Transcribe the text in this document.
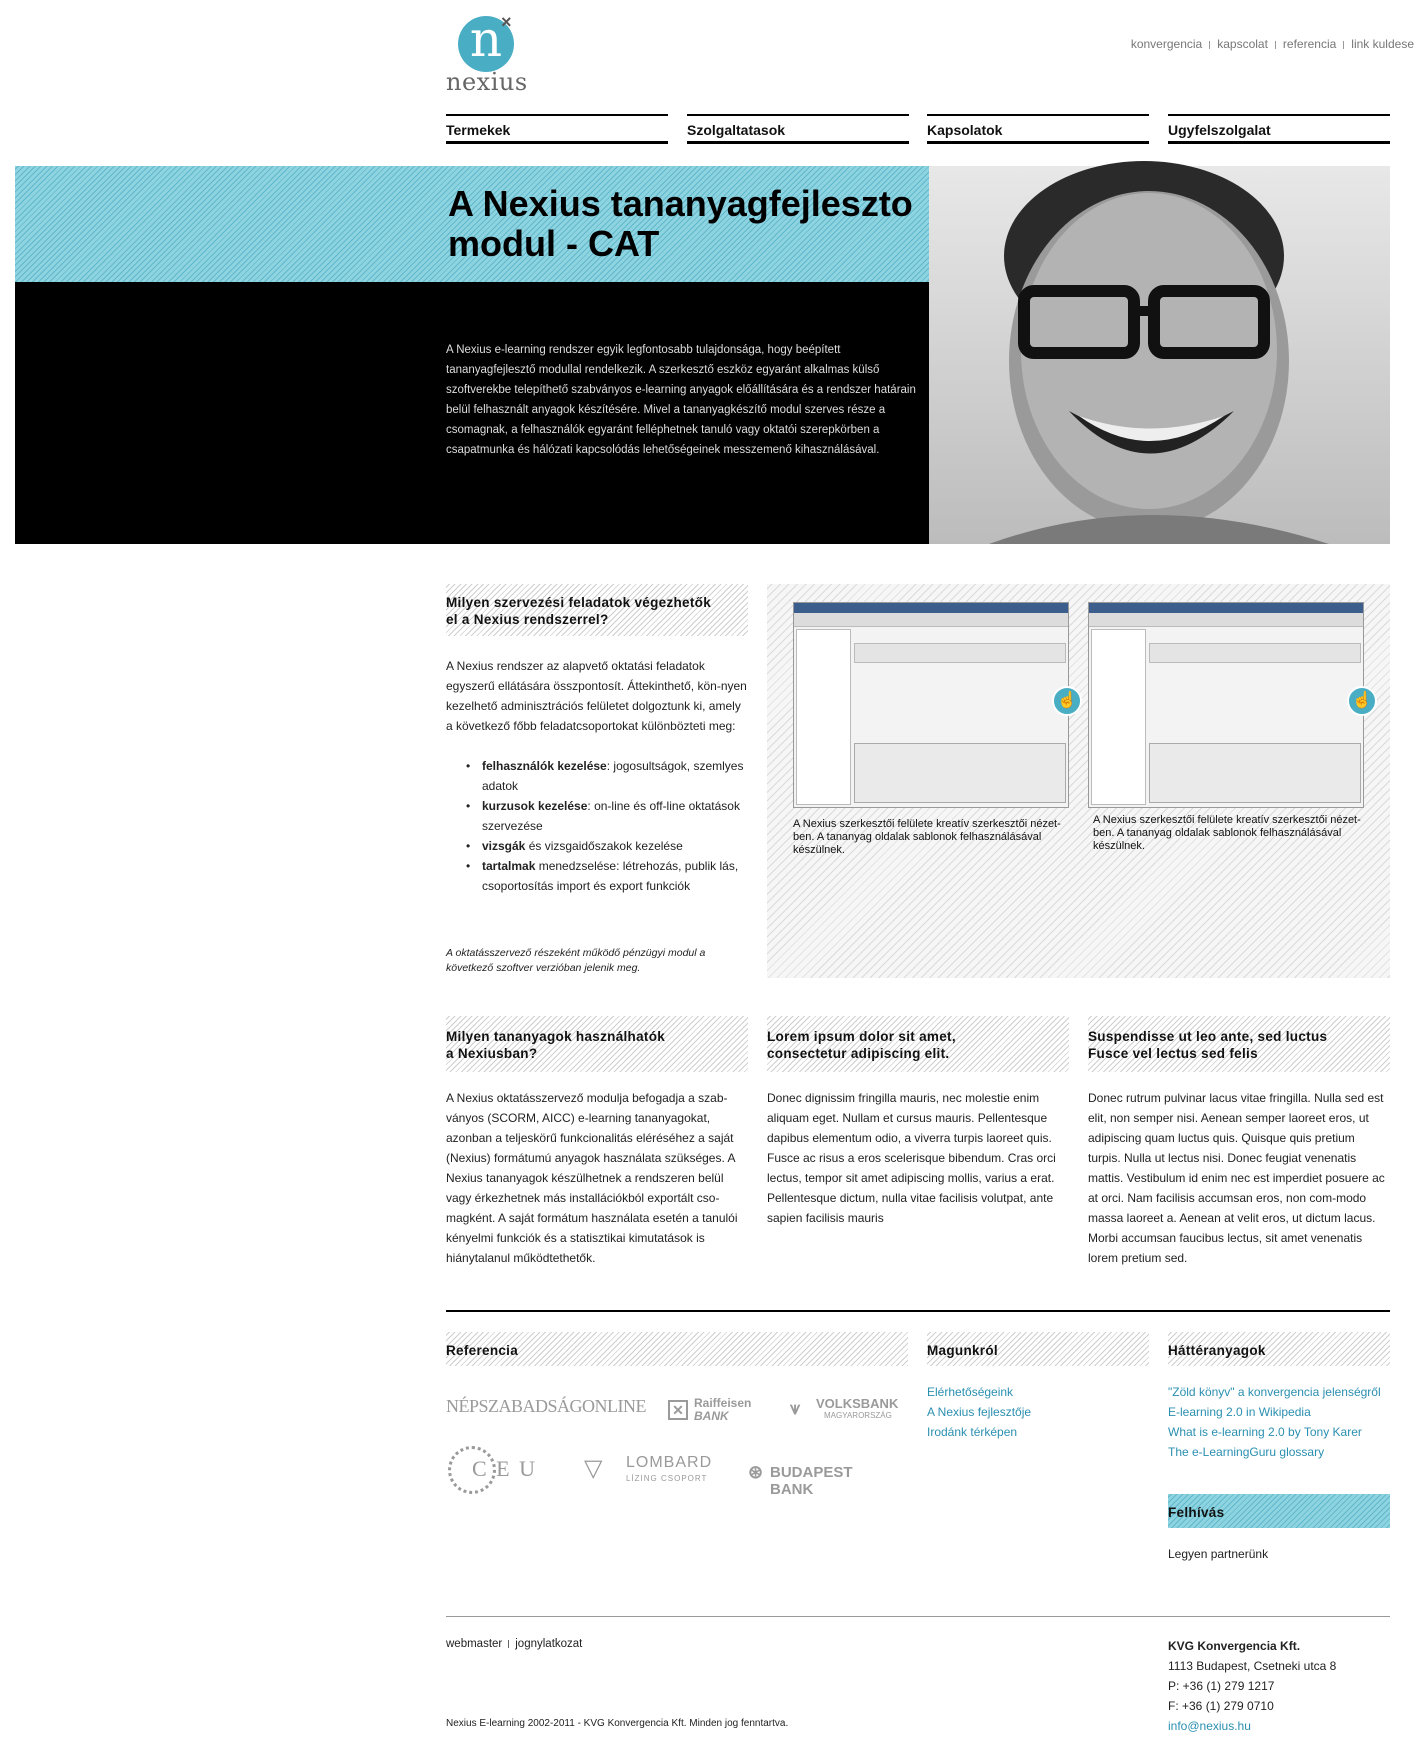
n
×
nexius
konvergencia kapscolat referencia link kuldese
Termekek	Szolgaltatasok	Kapsolatok	Ugyfelszolgalat
A Nexius tananyagfejleszto
modul - CAT
A Nexius e-learning rendszer egyik legfontosabb tulajdonsága, hogy beépített tananyagfejlesztő modullal rendelkezik. A szerkesztő eszköz egyaránt alkalmas külső szoftverekbe telepíthető szabványos e-learning anyagok előállítására és a rendszer határain belül felhasznált anyagok készítésére. Mivel a tananyagkészítő modul szerves része a csomagnak, a felhasználók egyaránt felléphetnek tanuló vagy oktatói szerepkörben a csapatmunka és hálózati kapcsolódás lehetőségeinek messzemenő kihasználásával.
Milyen szervezési feladatok végezhetők
el a Nexius rendszerrel?
A Nexius rendszer az alapvető oktatási feladatok egyszerű ellátására összpontosít. Áttekinthető, kön-nyen kezelhető adminisztrációs felületet dolgoztunk ki, amely a következő főbb feladatcsoportokat különbözteti meg:
• felhasználók kezelése: jogosultságok, szemlyes adatok
• kurzusok kezelése: on-line és off-line oktatások szervezése
• vizsgák és vizsgaidőszakok kezelése
• tartalmak menedzselése: létrehozás, publik lás, csoportosítás import és export funkciók
A oktatásszervező részeként működő pénzügyi modul a következő szoftver verzióban jelenik meg.
☝
A Nexius szerkesztői felülete kreatív szerkesztői nézet-ben. A tananyag oldalak sablonok felhasználásával készülnek.
☝
A Nexius szerkesztői felülete kreatív szerkesztői nézet-ben. A tananyag oldalak sablonok felhasználásával készülnek.
Milyen tananyagok használhatók
a Nexiusban?
A Nexius oktatásszervező modulja befogadja a szab-ványos (SCORM, AICC) e-learning tananyagokat, azonban a teljeskörű funkcionalitás eléréséhez a saját (Nexius) formátumú anyagok használata szükséges. A Nexius tananyagok készülhetnek a rendszeren belül vagy érkezhetnek más installációkból exportált cso-magként. A saját formátum használata esetén a tanulói kényelmi funkciók és a statisztikai kimutatások is hiánytalanul működtethetők.
Lorem ipsum dolor sit amet,
consectetur adipiscing elit.
Donec dignissim fringilla mauris, nec molestie enim aliquam eget. Nullam et cursus mauris. Pellentesque dapibus elementum odio, a viverra turpis laoreet quis. Fusce ac risus a eros scelerisque bibendum. Cras orci lectus, tempor sit amet adipiscing mollis, varius a erat. Pellentesque dictum, nulla vitae facilisis volutpat, ante sapien facilisis mauris
Suspendisse ut leo ante, sed luctus
Fusce vel lectus sed felis
Donec rutrum pulvinar lacus vitae fringilla. Nulla sed est elit, non semper nisi. Aenean semper laoreet eros, ut adipiscing quam luctus quis. Quisque quis pretium turpis. Nulla ut lectus nisi. Donec feugiat venenatis mattis. Vestibulum id enim nec est imperdiet posuere ac at orci. Nam facilisis accumsan eros, non com-modo massa laoreet a. Aenean at velit eros, ut dictum lacus. Morbi accumsan faucibus lectus, sit amet venenatis lorem pretium sed.
Referencia
NÉPSZABADSÁGONLINE ✕ Raiffeisen
BANK	⩛ VOLKSBANK
MAGYARORSZÁG
C E U ▽ LOMBARD
LÍZING CSOPORT ⊛ BUDAPEST BANK
Magunkról
Elérhetőségeink
A Nexius fejlesztője
Irodánk térképen
Háttéranyagok
"Zöld könyv" a konvergencia jelenségről
E-learning 2.0 in Wikipedia
What is e-learning 2.0 by Tony Karer
The e-LearningGuru glossary
Felhívás
Legyen partnerünk
webmaster jognylatkozat
Nexius E-learning 2002-2011 - KVG Konvergencia Kft. Minden jog fenntartva.
KVG Konvergencia Kft.
1113 Budapest, Csetneki utca 8
P: +36 (1) 279 1217
F: +36 (1) 279 0710
info@nexius.hu
